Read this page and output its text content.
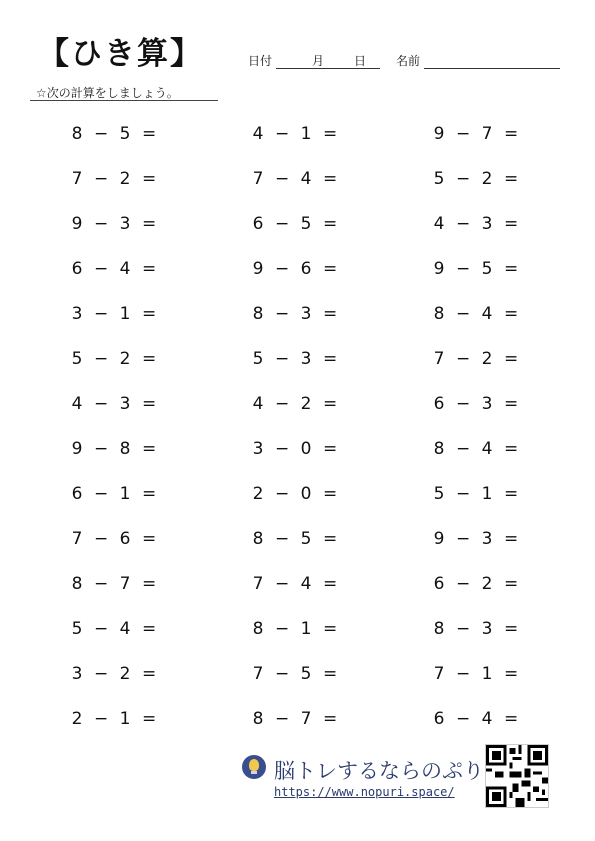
【ひき算】	日付	月 日 名前
☆次の計算をしましょう。
8 − 5 =	4 − 1 =	9 − 7 =
7 − 2 =	7 − 4 =	5 − 2 =
9 − 3 =	6 − 5 =	4 − 3 =
6 − 4 =	9 − 6 =	9 − 5 =
3 − 1 =	8 − 3 =	8 − 4 =
5 − 2 =	5 − 3 =	7 − 2 =
4 − 3 =	4 − 2 =	6 − 3 =
9 − 8 =	3 − 0 =	8 − 4 =
6 − 1 =	2 − 0 =	5 − 1 =
7 − 6 =	8 − 5 =	9 − 3 =
8 − 7 =	7 − 4 =	6 − 2 =
5 − 4 =	8 − 1 =	8 − 3 =
3 − 2 =	7 − 5 =	7 − 1 =
2 − 1 =	8 − 7 =	6 − 4 =
脳トレするならのぷり
https://www.nopuri.space/
